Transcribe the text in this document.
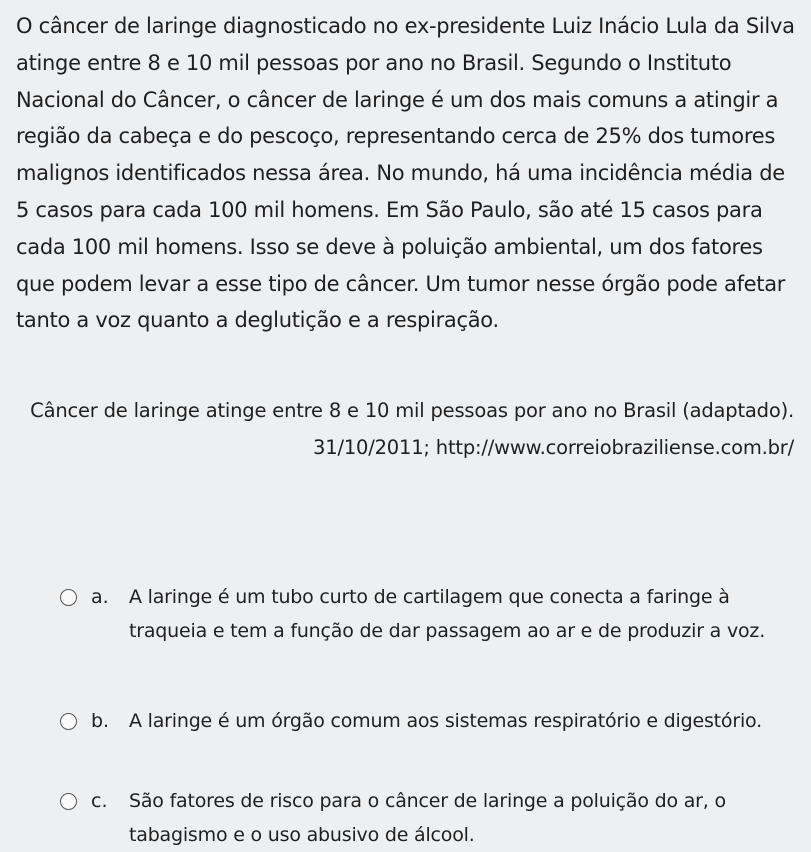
O câncer de laringe diagnosticado no ex-presidente Luiz Inácio Lula da Silva atinge entre 8 e 10 mil pessoas por ano no Brasil. Segundo o Instituto Nacional do Câncer, o câncer de laringe é um dos mais comuns a atingir a região da cabeça e do pescoço, representando cerca de 25% dos tumores malignos identificados nessa área. No mundo, há uma incidência média de 5 casos para cada 100 mil homens. Em São Paulo, são até 15 casos para cada 100 mil homens. Isso se deve à poluição ambiental, um dos fatores que podem levar a esse tipo de câncer. Um tumor nesse órgão pode afetar tanto a voz quanto a deglutição e a respiração.

Câncer de laringe atinge entre 8 e 10 mil pessoas por ano no Brasil (adaptado). 31/10/2011; http://www.correiobraziliense.com.br/

a.	A laringe é um tubo curto de cartilagem que conecta a faringe à traqueia e tem a função de dar passagem ao ar e de produzir a voz.
b.	A laringe é um órgão comum aos sistemas respiratório e digestório.
c.	São fatores de risco para o câncer de laringe a poluição do ar, o tabagismo e o uso abusivo de álcool.
